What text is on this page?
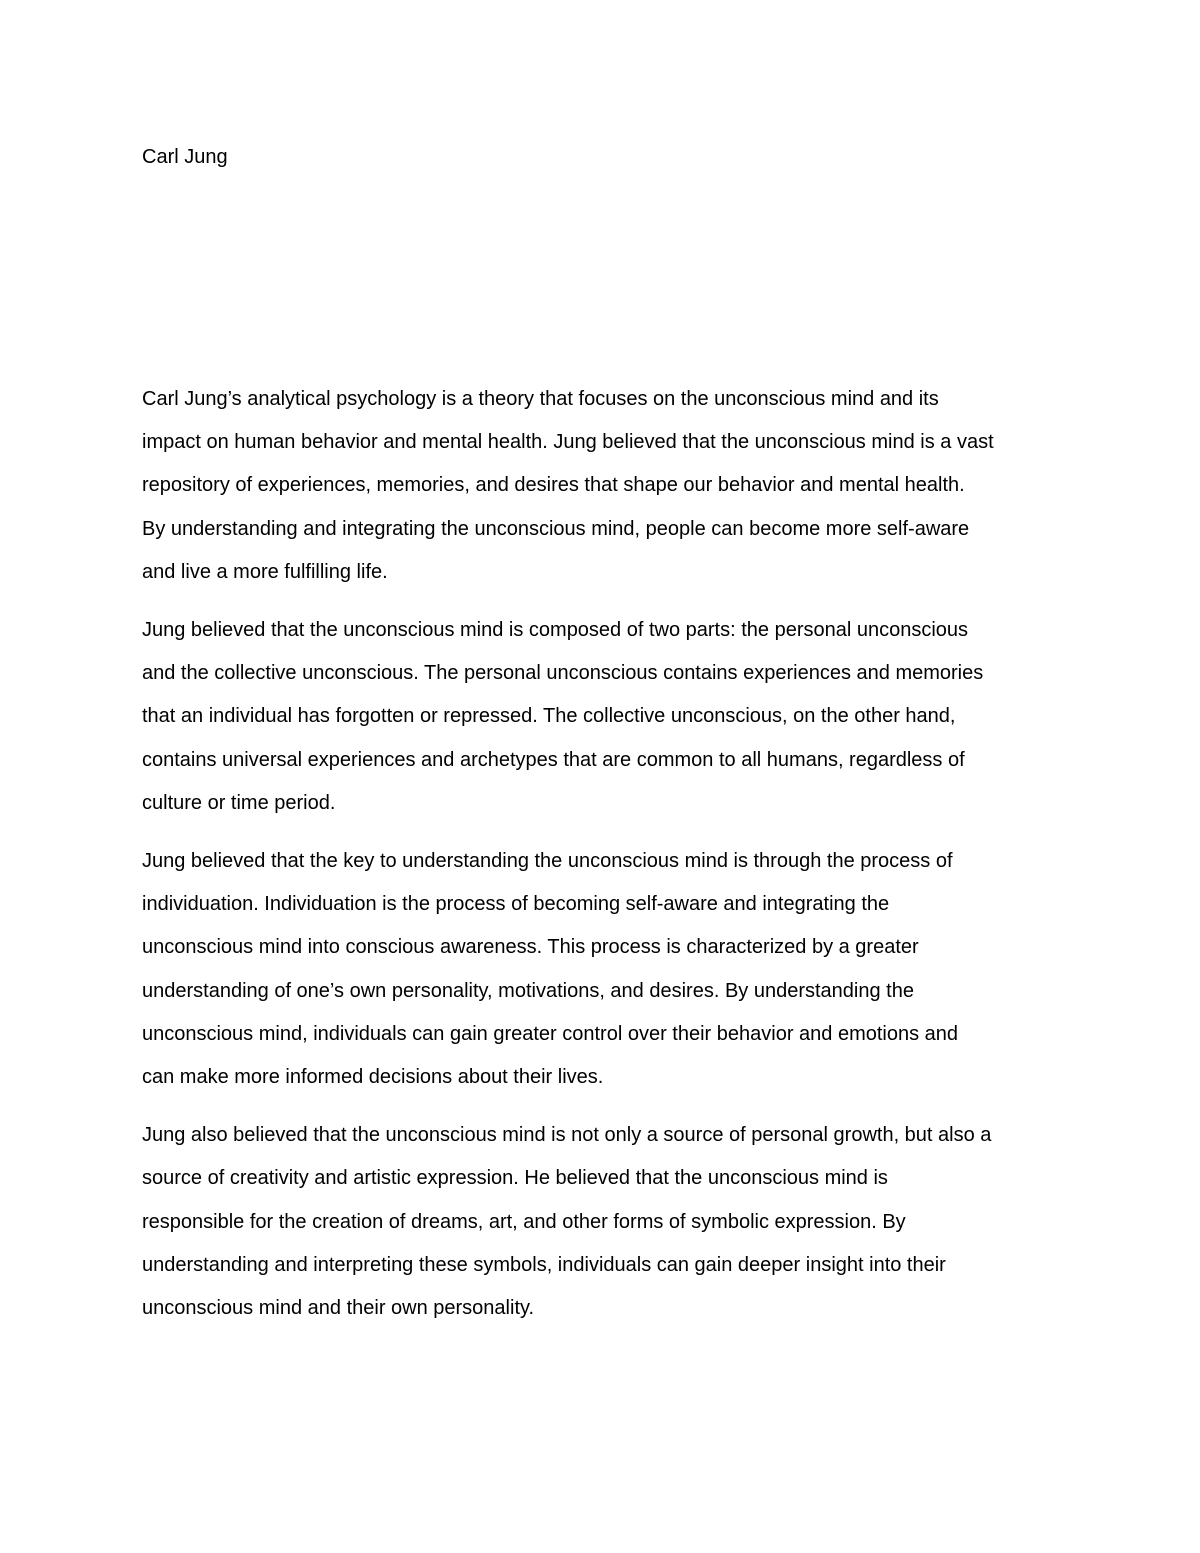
Carl Jung

Carl Jung’s analytical psychology is a theory that focuses on the unconscious mind and its
impact on human behavior and mental health. Jung believed that the unconscious mind is a vast
repository of experiences, memories, and desires that shape our behavior and mental health.
By understanding and integrating the unconscious mind, people can become more self-aware
and live a more fulfilling life.

Jung believed that the unconscious mind is composed of two parts: the personal unconscious
and the collective unconscious. The personal unconscious contains experiences and memories
that an individual has forgotten or repressed. The collective unconscious, on the other hand,
contains universal experiences and archetypes that are common to all humans, regardless of
culture or time period.

Jung believed that the key to understanding the unconscious mind is through the process of
individuation. Individuation is the process of becoming self-aware and integrating the
unconscious mind into conscious awareness. This process is characterized by a greater
understanding of one’s own personality, motivations, and desires. By understanding the
unconscious mind, individuals can gain greater control over their behavior and emotions and
can make more informed decisions about their lives.

Jung also believed that the unconscious mind is not only a source of personal growth, but also a
source of creativity and artistic expression. He believed that the unconscious mind is
responsible for the creation of dreams, art, and other forms of symbolic expression. By
understanding and interpreting these symbols, individuals can gain deeper insight into their
unconscious mind and their own personality.
